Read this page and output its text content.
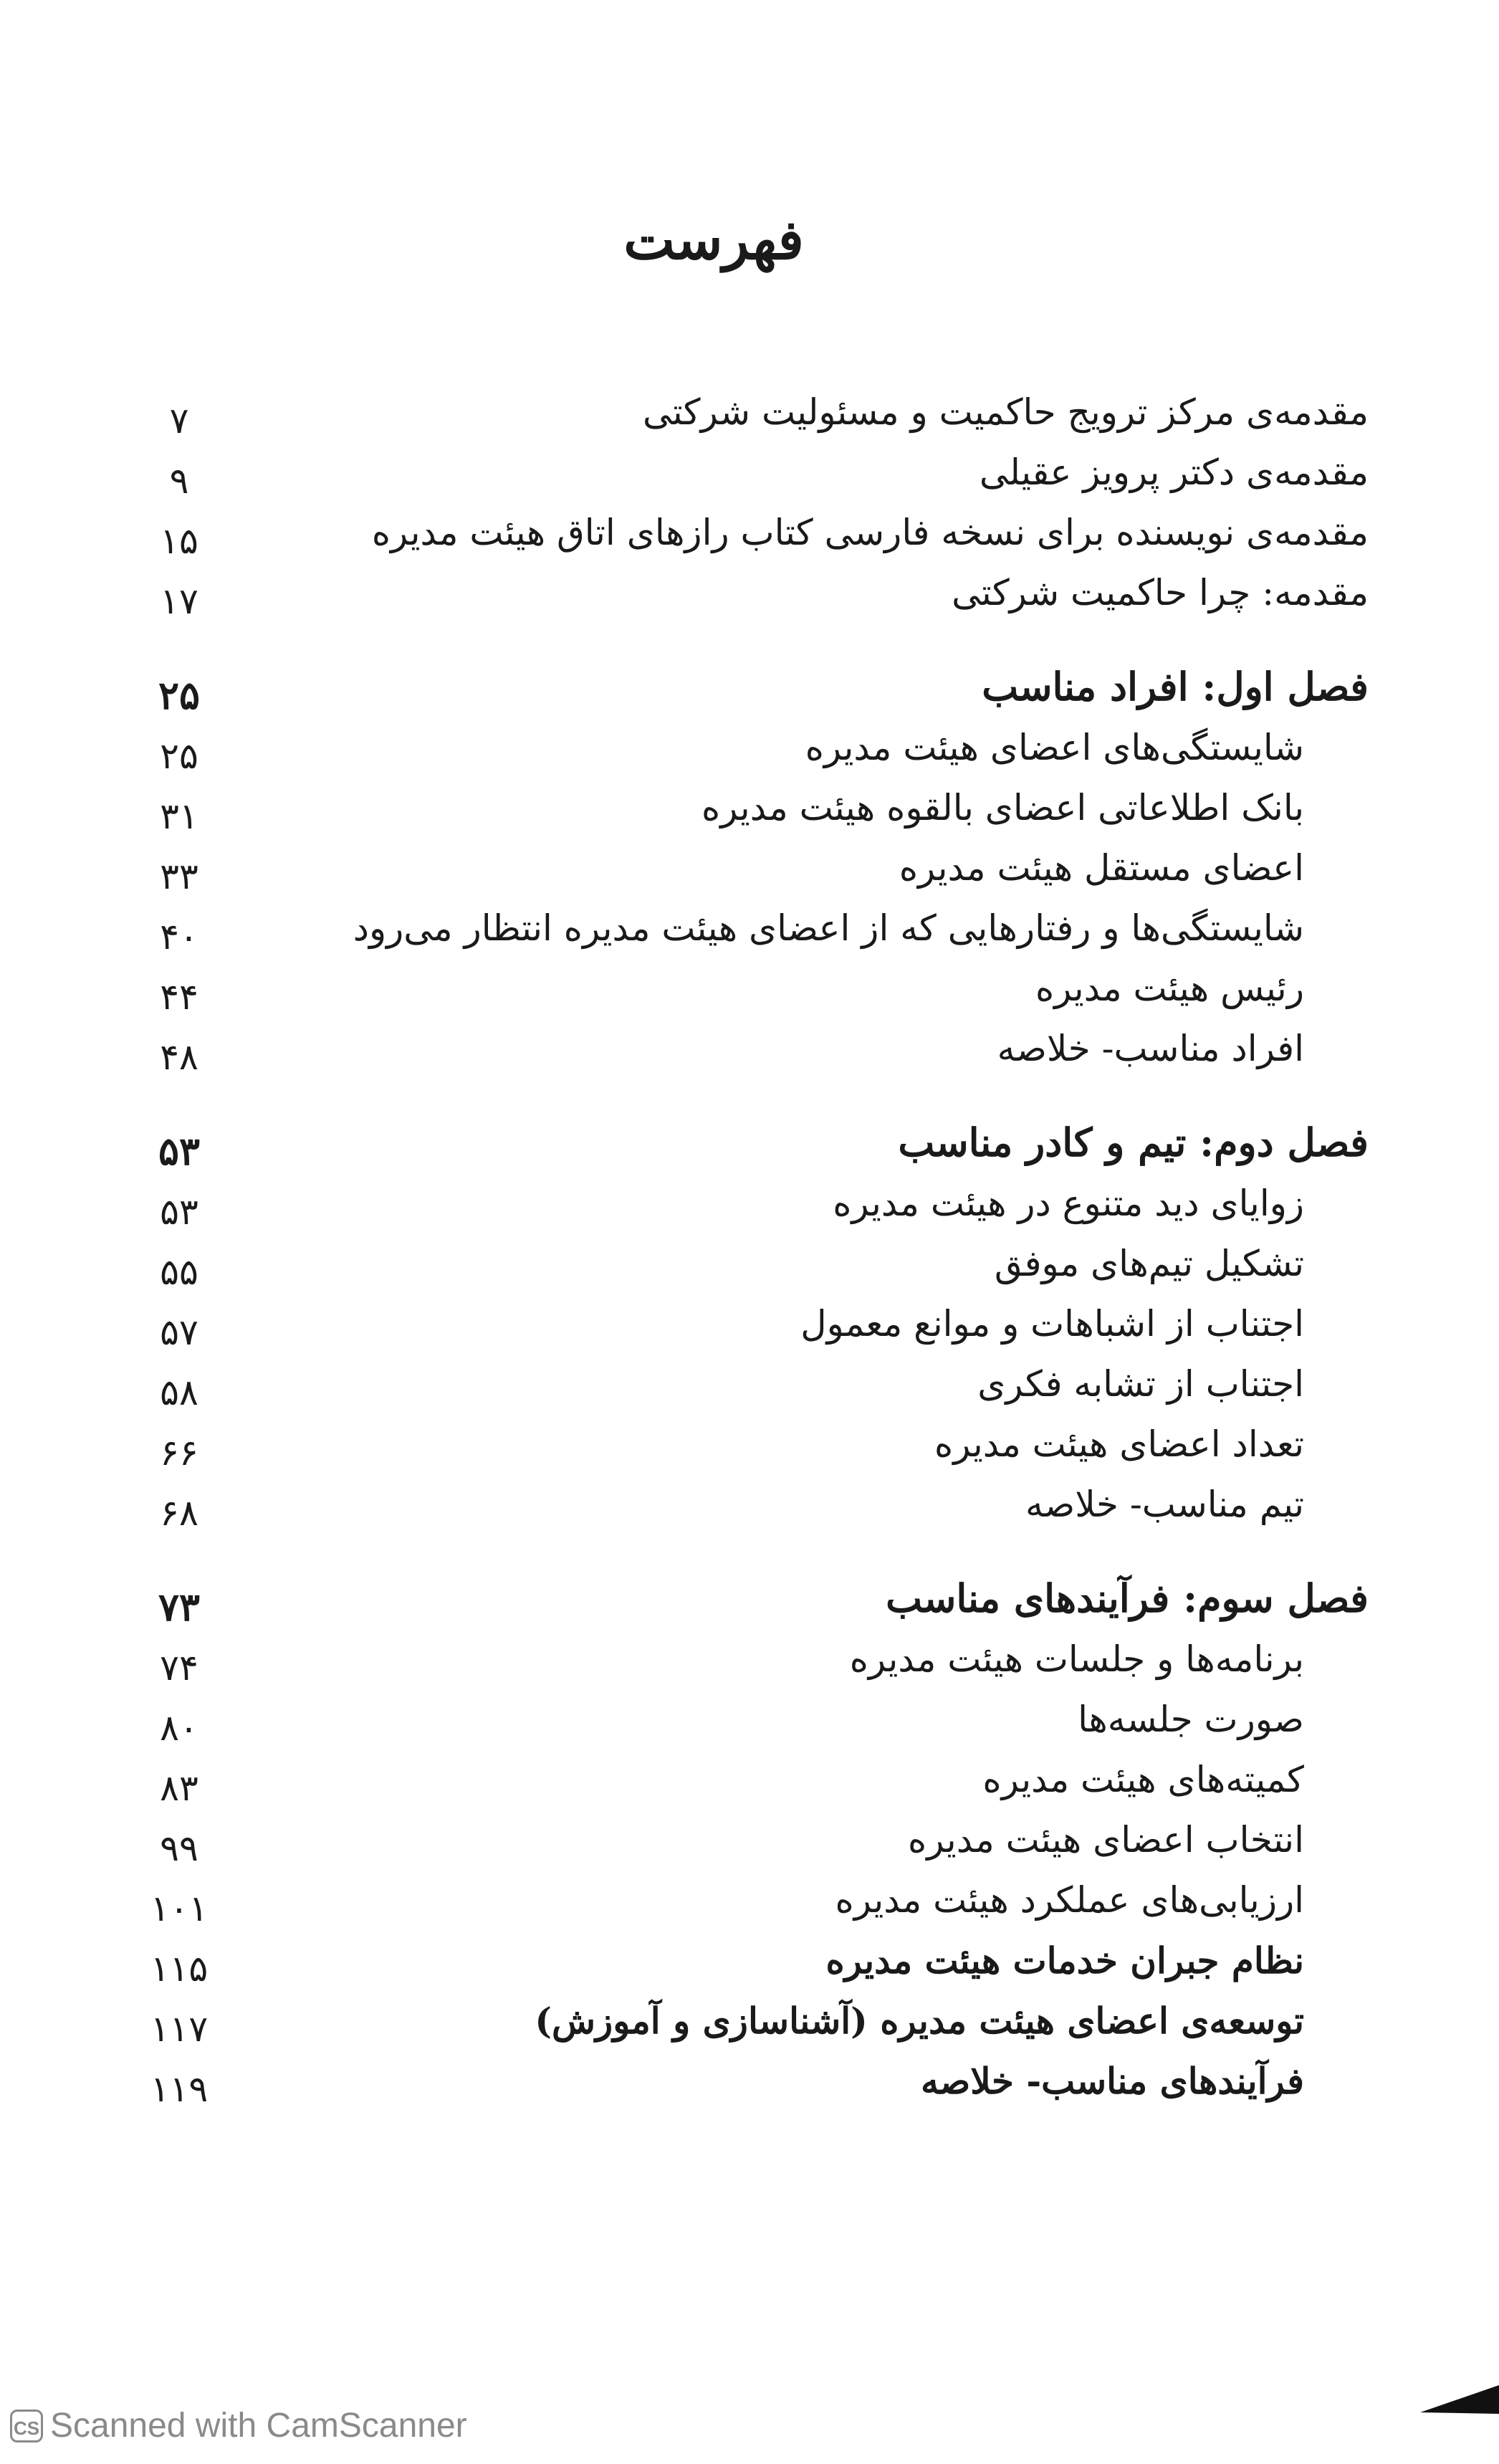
فهرست
مقدمه‌ی مرکز ترویج حاکمیت و مسئولیت شرکتی
۷
مقدمه‌ی دکتر پرویز عقیلی
۹
مقدمه‌ی نویسنده برای نسخه فارسی کتاب رازهای اتاق هیئت مدیره
۱۵
مقدمه: چرا حاکمیت شرکتی
۱۷
فصل اول: افراد مناسب
۲۵
شایستگی‌های اعضای هیئت مدیره
۲۵
بانک اطلاعاتی اعضای بالقوه هیئت مدیره
۳۱
اعضای مستقل هیئت مدیره
۳۳
شایستگی‌ها و رفتارهایی که از اعضای هیئت مدیره انتظار می‌رود
۴۰
رئیس هیئت مدیره
۴۴
افراد مناسب- خلاصه
۴۸
فصل دوم: تیم و کادر مناسب
۵۳
زوایای دید متنوع در هیئت مدیره
۵۳
تشکیل تیم‌های موفق
۵۵
اجتناب از اشباهات و موانع معمول
۵۷
اجتناب از تشابه فکری
۵۸
تعداد اعضای هیئت مدیره
۶۶
تیم مناسب- خلاصه
۶۸
فصل سوم: فرآیندهای مناسب
۷۳
برنامه‌ها و جلسات هیئت مدیره
۷۴
صورت جلسه‌ها
۸۰
کمیته‌های هیئت مدیره
۸۳
انتخاب اعضای هیئت مدیره
۹۹
ارزیابی‌های عملکرد هیئت مدیره
۱۰۱
نظام جبران خدمات هیئت مدیره
۱۱۵
توسعه‌ی اعضای هیئت مدیره (آشناسازی و آموزش)
۱۱۷
فرآیندهای مناسب- خلاصه
۱۱۹
CS Scanned with CamScanner
